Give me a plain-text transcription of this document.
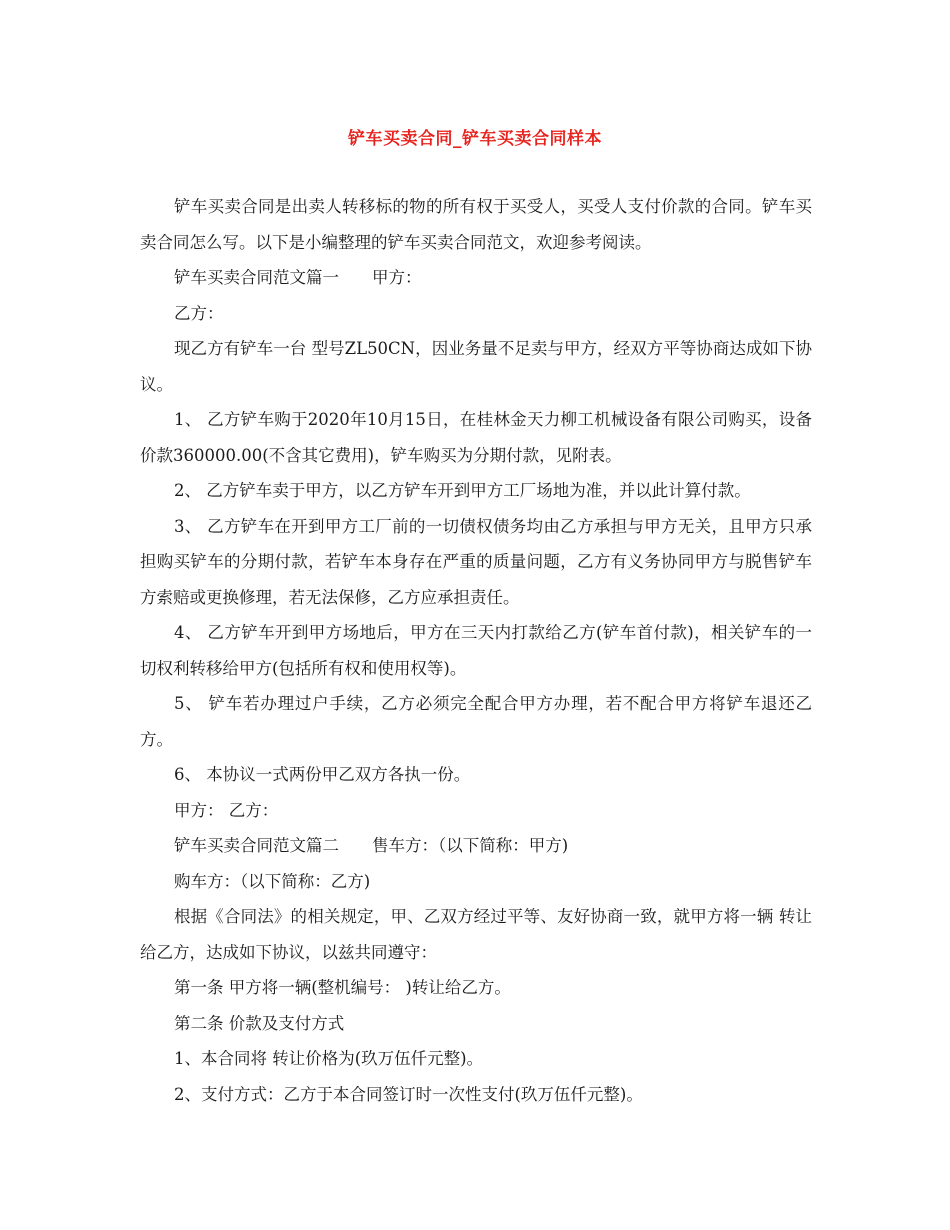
铲车买卖合同_铲车买卖合同样本

铲车买卖合同是出卖人转移标的物的所有权于买受人，买受人支付价款的合同。铲车买卖合同怎么写。以下是小编整理的铲车买卖合同范文，欢迎参考阅读。

铲车买卖合同范文篇一　　甲方：

乙方：

现乙方有铲车一台 型号ZL50CN，因业务量不足卖与甲方，经双方平等协商达成如下协议。

1、 乙方铲车购于2020年10月15日，在桂林金天力柳工机械设备有限公司购买，设备价款360000.00(不含其它费用)，铲车购买为分期付款，见附表。

2、 乙方铲车卖于甲方，以乙方铲车开到甲方工厂场地为准，并以此计算付款。

3、 乙方铲车在开到甲方工厂前的一切债权债务均由乙方承担与甲方无关，且甲方只承担购买铲车的分期付款，若铲车本身存在严重的质量问题，乙方有义务协同甲方与脱售铲车方索赔或更换修理，若无法保修，乙方应承担责任。

4、 乙方铲车开到甲方场地后，甲方在三天内打款给乙方(铲车首付款)，相关铲车的一切权利转移给甲方(包括所有权和使用权等)。

5、 铲车若办理过户手续，乙方必须完全配合甲方办理，若不配合甲方将铲车退还乙方。

6、 本协议一式两份甲乙双方各执一份。

甲方： 乙方：

铲车买卖合同范文篇二　　售车方：（以下简称：甲方)

购车方：（以下简称：乙方)

根据《合同法》的相关规定，甲、乙双方经过平等、友好协商一致，就甲方将一辆 转让给乙方，达成如下协议，以兹共同遵守：

第一条 甲方将一辆(整机编号： )转让给乙方。

第二条 价款及支付方式

1、本合同将 转让价格为(玖万伍仟元整)。

2、支付方式：乙方于本合同签订时一次性支付(玖万伍仟元整)。
